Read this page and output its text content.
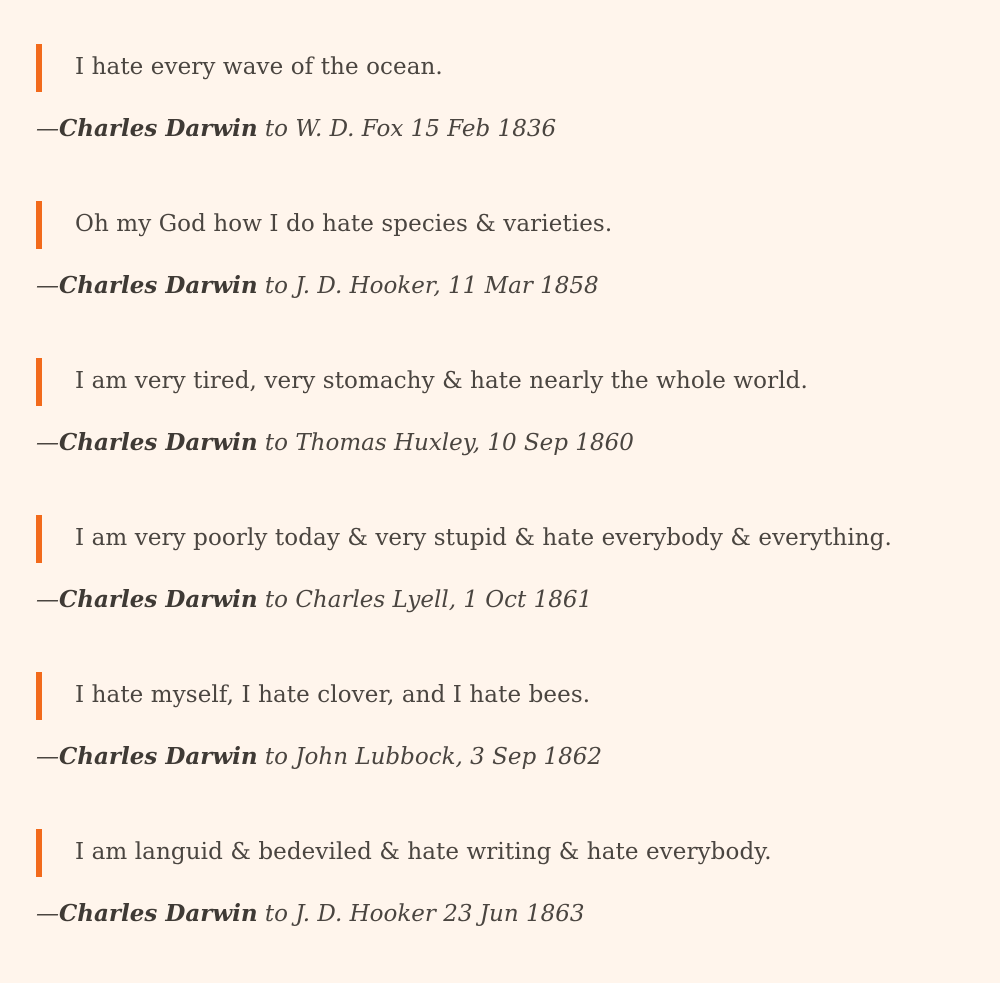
I hate every wave of the ocean.
—Charles Darwin to W. D. Fox 15 Feb 1836
Oh my God how I do hate species & varieties.
—Charles Darwin to J. D. Hooker, 11 Mar 1858
I am very tired, very stomachy & hate nearly the whole world.
—Charles Darwin to Thomas Huxley, 10 Sep 1860
I am very poorly today & very stupid & hate everybody & everything.
—Charles Darwin to Charles Lyell, 1 Oct 1861
I hate myself, I hate clover, and I hate bees.
—Charles Darwin to John Lubbock, 3 Sep 1862
I am languid & bedeviled & hate writing & hate everybody.
—Charles Darwin to J. D. Hooker 23 Jun 1863
